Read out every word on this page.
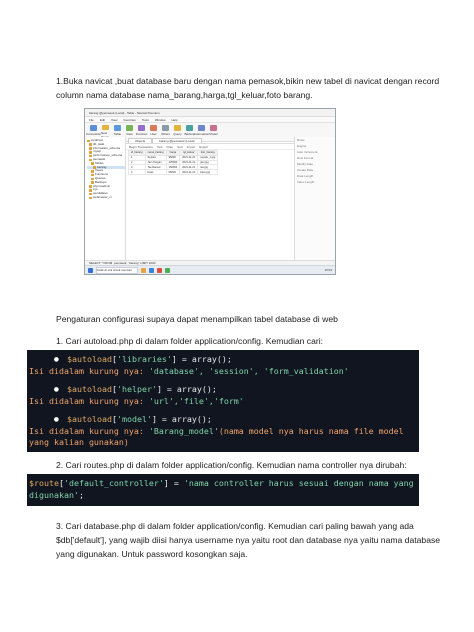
1.Buka navicat ,buat database baru dengan nama pemasok,bikin new tabel di navicat dengan record
column nama database nama_barang,harga,tgl_keluar,foto barang.
barang @pemasok (Local) - Table - Navicat Premium
File Edit View Favorites Tools Window Help
Connection New	Table View Function User Others Query Backup Automation Model
localhost
db_tasik
information_schema
mysql
performance_schema
pemasok
Tables
barang
Views
Functions
Queries
Backups
phpmyadmin
sys
pendidikan
webmaster_ci
Objects	barang @pemasok (Local)
Begin Transaction Text Filter Sort Import Export
id_barang	nama_barang	harga	tgl_keluar	foto_barang
1	Sepatu	95000	2021-11-21	sepatu_1.jpg
2	Jam Tangan	125000	2021-11-21	jam.jpg
3	Tas Ransel	150000	2021-11-21	tas.jpg
4	Kaos	65000	2021-11-21	kaos.jpg
Rows
Engine
Auto Increment
Row Format
Modify Date
Create Date
Data Length
Index Length
SELECT * FROM `pemasok`.`barang` LIMIT 1000
Ketik di sini untuk mencari	15:04
Pengaturan configurasi supaya dapat menampilkan tabel database di web
1. Cari autoload.php di dalam folder application/config. Kemudian cari:
● $autoload [ 'libraries' ] = array();
Isi didalam kurung nya: 'database', 'session', 'form_validation'
● $autoload [ 'helper' ] = array();
Isi didalam kurung nya: 'url','file','form'
● $autoload [ 'model' ] = array();
Isi didalam kurung nya: 'Barang_model'(nama model nya harus nama file model yang kalian gunakan)
2. Cari routes.php di dalam folder application/config. Kemudian nama controller nya dirubah:
$route['default_controller'] = 'nama controller harus sesuai dengan nama yang digunakan';
3. Cari database.php di dalam folder application/config. Kemudian cari paling bawah yang ada
$db['default'], yang wajib diisi hanya username nya yaitu root dan database nya yaitu nama database
yang digunakan. Untuk password kosongkan saja.
